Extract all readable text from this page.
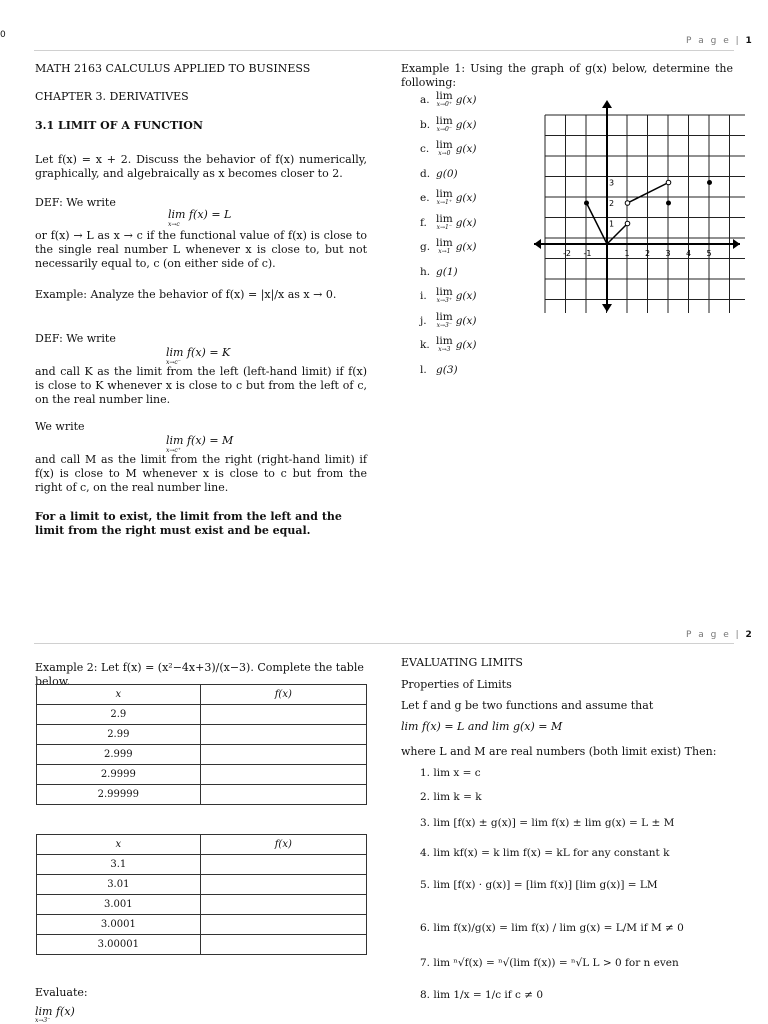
0
P a g e | 1
MATH 2163 CALCULUS APPLIED TO BUSINESS
CHAPTER 3. DERIVATIVES
3.1 LIMIT OF A FUNCTION
Let f(x) = x + 2. Discuss the behavior of f(x) numerically, graphically, and algebraically as x becomes closer to 2.
DEF: We write
lim f(x) = L
x→c
or f(x) → L as x → c if the functional value of f(x) is close to the single real number L whenever x is close to, but not necessarily equal to, c (on either side of c).
Example: Analyze the behavior of f(x) = |x|/x as x → 0.
DEF: We write
lim f(x) = K
x→c⁻
and call K as the limit from the left (left-hand limit) if f(x) is close to K whenever x is close to c but from the left of c, on the real number line.
We write
lim f(x) = M
x→c⁺
and call M as the limit from the right (right-hand limit) if f(x) is close to M whenever x is close to c but from the right of c, on the real number line.
For a limit to exist, the limit from the left and the limit from the right must exist and be equal.
Example 1: Using the graph of g(x) below, determine the following:
a. lim
x→0⁺ g(x)
b. lim
x→0⁻ g(x)
c. lim
x→0 g(x)
d. g(0)
e. lim
x→1⁺ g(x)
f. lim
x→1⁻ g(x)
g. lim
x→1 g(x)
h. g(1)
i. lim
x→3⁺ g(x)
j. lim
x→3⁻ g(x)
k. lim
x→3 g(x)
l. g(3)
-2 -1	1 2 3 4 5
1
2
3
P a g e | 2
Example 2: Let f(x) = (x²−4x+3)/(x−3). Complete the table below.
x	f(x)
2.9	
2.99	
2.999	
2.9999	
2.99999	
x	f(x)
3.1	
3.01	
3.001	
3.0001	
3.00001	
Evaluate:
lim f(x)
x→3⁻
EVALUATING LIMITS
Properties of Limits
Let f and g be two functions and assume that
lim f(x) = L and lim g(x) = M
where L and M are real numbers (both limit exist) Then:
1. lim x = c
2. lim k = k
3. lim [f(x) ± g(x)] = lim f(x) ± lim g(x) = L ± M
4. lim kf(x) = k lim f(x) = kL for any constant k
5. lim [f(x) · g(x)] = [lim f(x)] [lim g(x)] = LM
6. lim f(x)/g(x) = lim f(x) / lim g(x) = L/M if M ≠ 0
7. lim ⁿ√f(x) = ⁿ√(lim f(x)) = ⁿ√L L > 0 for n even
8. lim 1/x = 1/c if c ≠ 0
